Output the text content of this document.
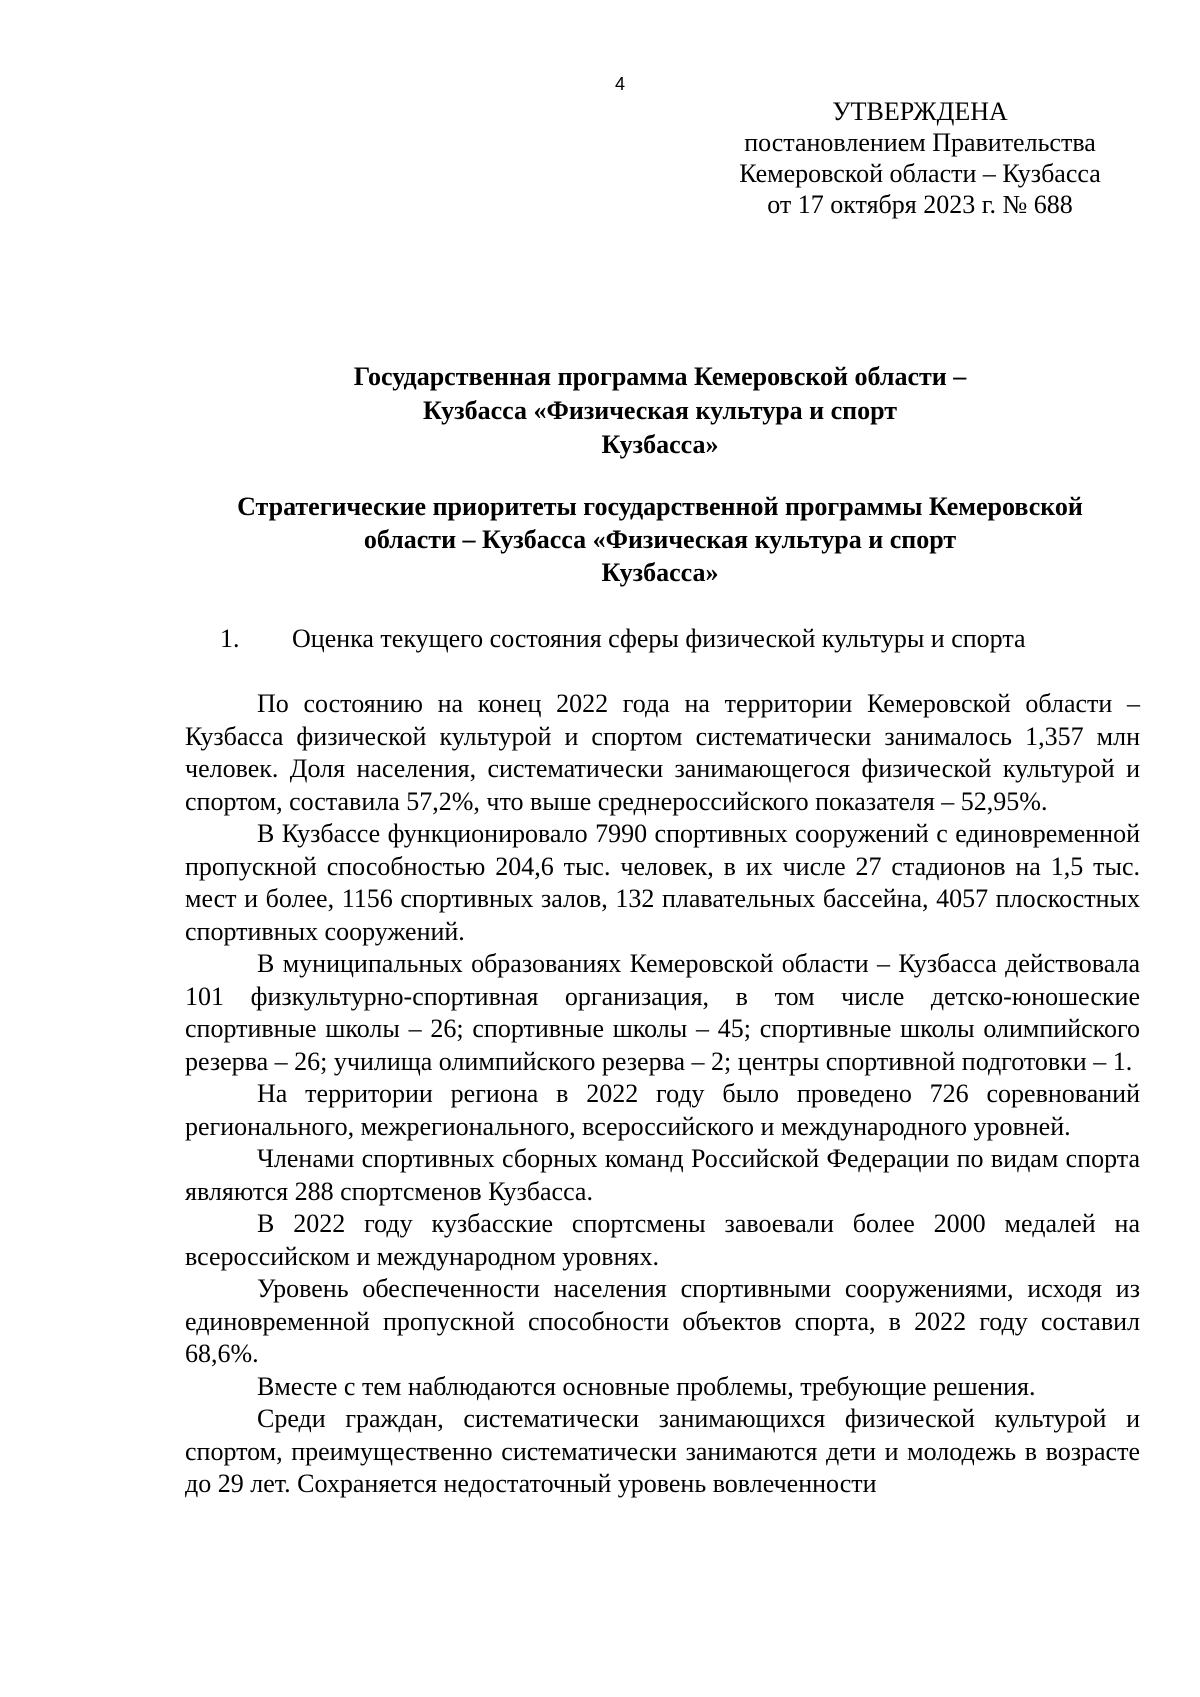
4
УТВЕРЖДЕНА
постановлением Правительства
Кемеровской области – Кузбасса
от 17 октября 2023 г. № 688
Государственная программа Кемеровской области –
Кузбасса «Физическая культура и спорт
Кузбасса»
Стратегические приоритеты государственной программы Кемеровской
области – Кузбасса «Физическая культура и спорт
Кузбасса»
1. Оценка текущего состояния сферы физической культуры и спорта

По состоянию на конец 2022 года на территории Кемеровской области – Кузбасса физической культурой и спортом систематически занималось 1,357 млн человек. Доля населения, систематически занимающегося физической культурой и спортом, составила 57,2%, что выше среднероссийского показателя – 52,95%.

В Кузбассе функционировало 7990 спортивных сооружений с единовременной пропускной способностью 204,6 тыс. человек, в их числе 27 стадионов на 1,5 тыс. мест и более, 1156 спортивных залов, 132 плавательных бассейна, 4057 плоскостных спортивных сооружений.

В муниципальных образованиях Кемеровской области – Кузбасса действовала 101 физкультурно-спортивная организация, в том числе детско-юношеские спортивные школы – 26; спортивные школы – 45; спортивные школы олимпийского резерва – 26; училища олимпийского резерва – 2; центры спортивной подготовки – 1.

На территории региона в 2022 году было проведено 726 соревнований регионального, межрегионального, всероссийского и международного уровней.

Членами спортивных сборных команд Российской Федерации по видам спорта являются 288 спортсменов Кузбасса.

В 2022 году кузбасские спортсмены завоевали более 2000 медалей на всероссийском и международном уровнях.

Уровень обеспеченности населения спортивными сооружениями, исходя из единовременной пропускной способности объектов спорта, в 2022 году составил 68,6%.

Вместе с тем наблюдаются основные проблемы, требующие решения.

Среди граждан, систематически занимающихся физической культурой и спортом, преимущественно систематически занимаются дети и молодежь в возрасте до 29 лет. Сохраняется недостаточный уровень вовлеченности
